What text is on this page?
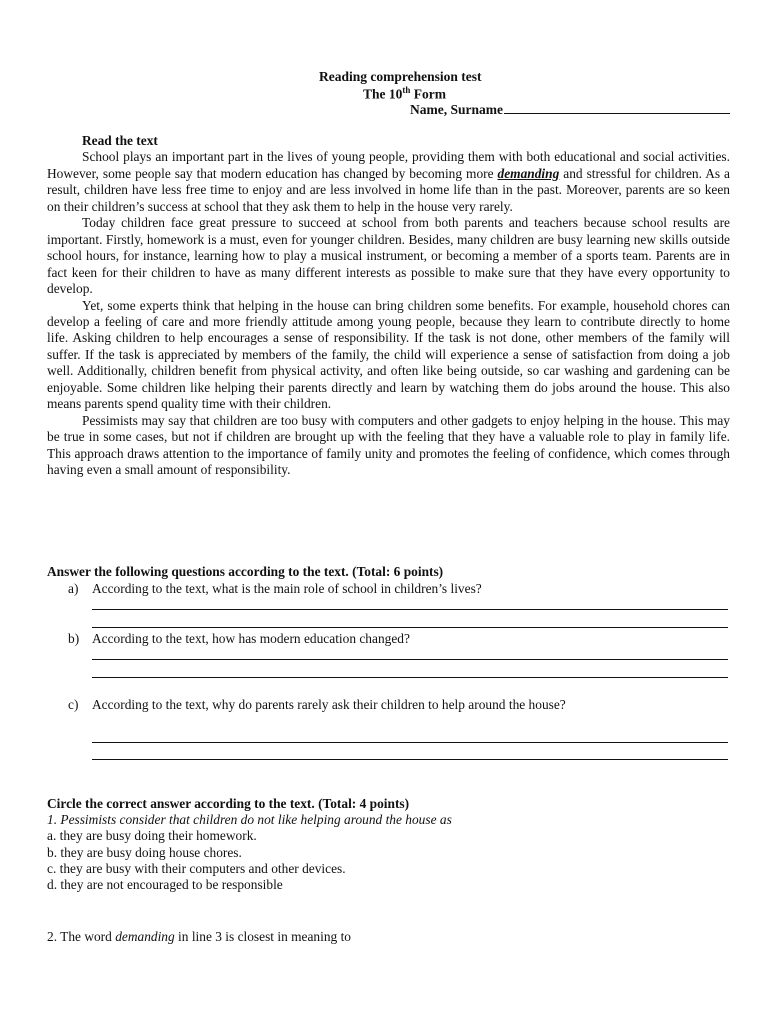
Reading comprehension test
The 10th Form
Name, Surname
Read the text

School plays an important part in the lives of young people, providing them with both educational and social activities. However, some people say that modern education has changed by becoming more demanding and stressful for children. As a result, children have less free time to enjoy and are less involved in home life than in the past. Moreover, parents are so keen on their children’s success at school that they ask them to help in the house very rarely.

Today children face great pressure to succeed at school from both parents and teachers because school results are important. Firstly, homework is a must, even for younger children. Besides, many children are busy learning new skills outside school hours, for instance, learning how to play a musical instrument, or becoming a member of a sports team. Parents are in fact keen for their children to have as many different interests as possible to make sure that they have every opportunity to develop.

Yet, some experts think that helping in the house can bring children some benefits. For example, household chores can develop a feeling of care and more friendly attitude among young people, because they learn to contribute directly to home life. Asking children to help encourages a sense of responsibility. If the task is not done, other members of the family will suffer. If the task is appreciated by members of the family, the child will experience a sense of satisfaction from doing a job well. Additionally, children benefit from physical activity, and often like being outside, so car washing and gardening can be enjoyable. Some children like helping their parents directly and learn by watching them do jobs around the house. This also means parents spend quality time with their children.

Pessimists may say that children are too busy with computers and other gadgets to enjoy helping in the house. This may be true in some cases, but not if children are brought up with the feeling that they have a valuable role to play in family life. This approach draws attention to the importance of family unity and promotes the feeling of confidence, which comes through having even a small amount of responsibility.

Answer the following questions according to the text. (Total: 6 points)
a) According to the text, what is the main role of school in children’s lives?
b) According to the text, how has modern education changed?
c) According to the text, why do parents rarely ask their children to help around the house?
Circle the correct answer according to the text. (Total: 4 points)
1. Pessimists consider that children do not like helping around the house as
a. they are busy doing their homework.
b. they are busy doing house chores.
c. they are busy with their computers and other devices.
d. they are not encouraged to be responsible
2. The word demanding in line 3 is closest in meaning to
